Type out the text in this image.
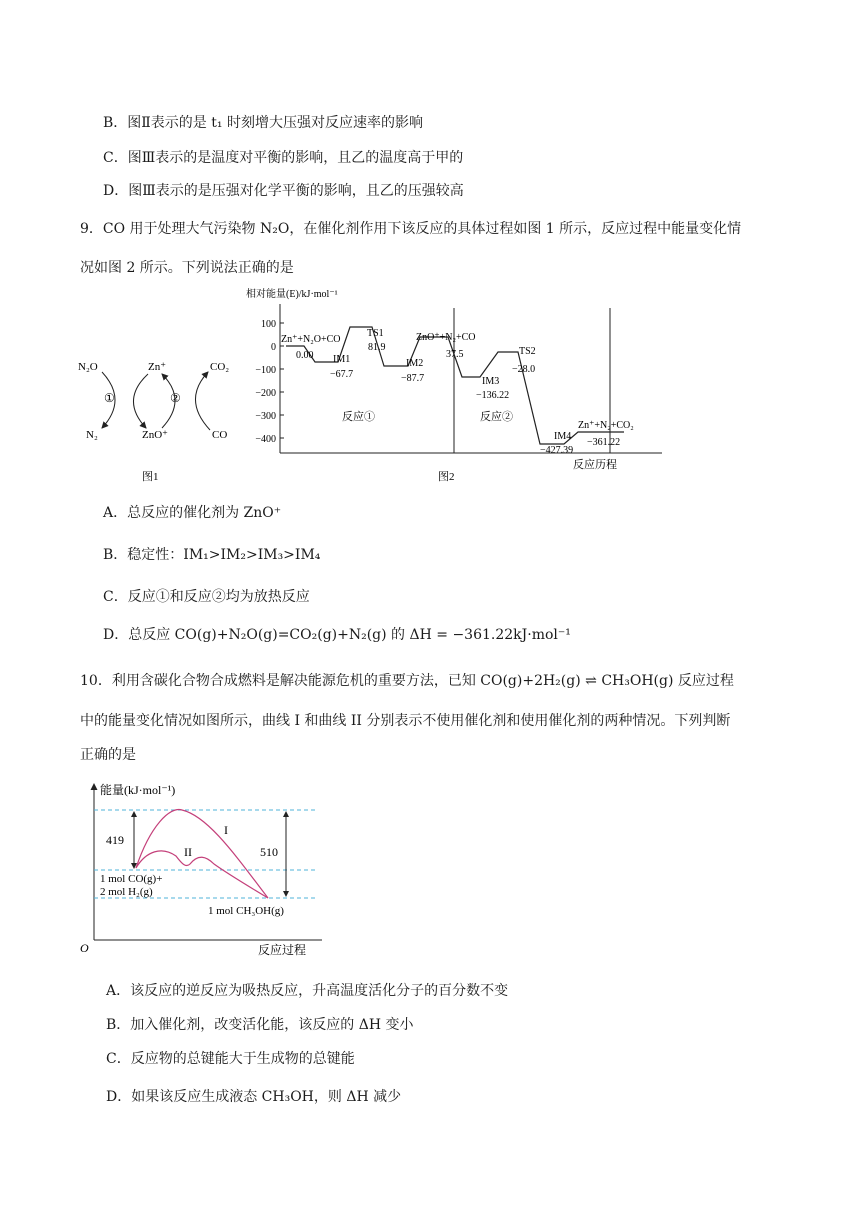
B．图Ⅱ表示的是 t₁ 时刻增大压强对反应速率的影响
C．图Ⅲ表示的是温度对平衡的影响，且乙的温度高于甲的
D．图Ⅲ表示的是压强对化学平衡的影响，且乙的压强较高
9．CO 用于处理大气污染物 N₂O，在催化剂作用下该反应的具体过程如图 1 所示，反应过程中能量变化情
况如图 2 所示。下列说法正确的是
N₂O
N₂
Zn⁺
ZnO⁺
CO₂
CO
①	②
图1
相对能量(E)/kJ·mol⁻¹
100
0
−100
−200
−300
−400
Zn⁺+N₂O+CO
0.00 IM1
−67.7
TS1
81.9
IM2
−87.7
ZnO⁺+N₂+CO
37.5
IM3
−136.22
TS2
−28.0
IM4
−427.39
Zn⁺+N₂+CO₂
−361.22
反应①	反应②
反应历程
图2
A．总反应的催化剂为 ZnO⁺
B．稳定性：IM₁>IM₂>IM₃>IM₄
C．反应①和反应②均为放热反应
D．总反应 CO(g)+N₂O(g)=CO₂(g)+N₂(g) 的 ΔH = −361.22kJ·mol⁻¹
10．利用含碳化合物合成燃料是解决能源危机的重要方法，已知 CO(g)+2H₂(g) ⇌ CH₃OH(g) 反应过程
中的能量变化情况如图所示，曲线 I 和曲线 II 分别表示不使用催化剂和使用催化剂的两种情况。下列判断
正确的是
能量(kJ·mol⁻¹)
O	反应过程
I
II
419
510
1 mol CO(g)+
2 mol H₂(g)
1 mol CH₃OH(g)
A．该反应的逆反应为吸热反应，升高温度活化分子的百分数不变
B．加入催化剂，改变活化能，该反应的 ΔH 变小
C．反应物的总键能大于生成物的总键能
D．如果该反应生成液态 CH₃OH，则 ΔH 减少
